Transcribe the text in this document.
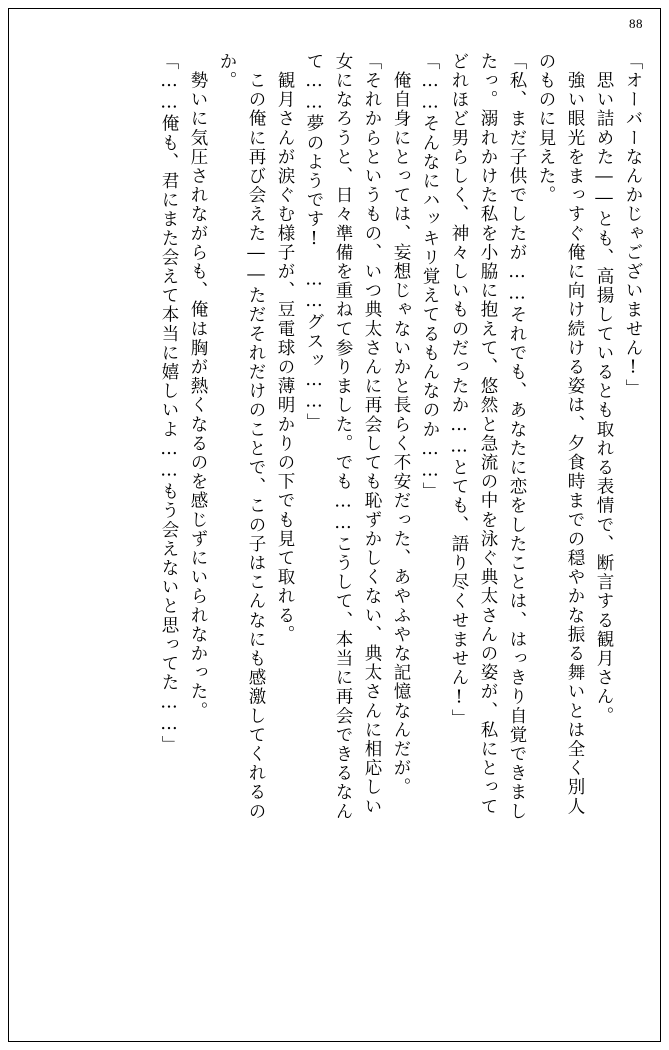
88
「オーバーなんかじゃございません!」
　思い詰めた――とも、高揚しているとも取れる表情で、断言する観月さん。
　強い眼光をまっすぐ俺に向け続ける姿は、夕食時までの穏やかな振る舞いとは全く別人
のものに見えた。
「私、まだ子供でしたが……それでも、あなたに恋をしたことは、はっきり自覚できまし
たっ。溺れかけた私を小脇に抱えて、悠然と急流の中を泳ぐ典太さんの姿が、私にとって
どれほど男らしく、神々しいものだったか……とても、語り尽くせません!」
「……そんなにハッキリ覚えてるもんなのか……」
　俺自身にとっては、妄想じゃないかと長らく不安だった、あやふやな記憶なんだが。
「それからというもの、いつ典太さんに再会しても恥ずかしくない、典太さんに相応しい
女になろうと、日々準備を重ねて参りました。でも……こうして、本当に再会できるなん
て……夢のようです!　……グスッ……」
　観月さんが涙ぐむ様子が、豆電球の薄明かりの下でも見て取れる。
　この俺に再び会えた――ただそれだけのことで、この子はこんなにも感激してくれるの
か。
　勢いに気圧されながらも、俺は胸が熱くなるのを感じずにいられなかった。
「……俺も、君にまた会えて本当に嬉しいよ……もう会えないと思ってた……」
